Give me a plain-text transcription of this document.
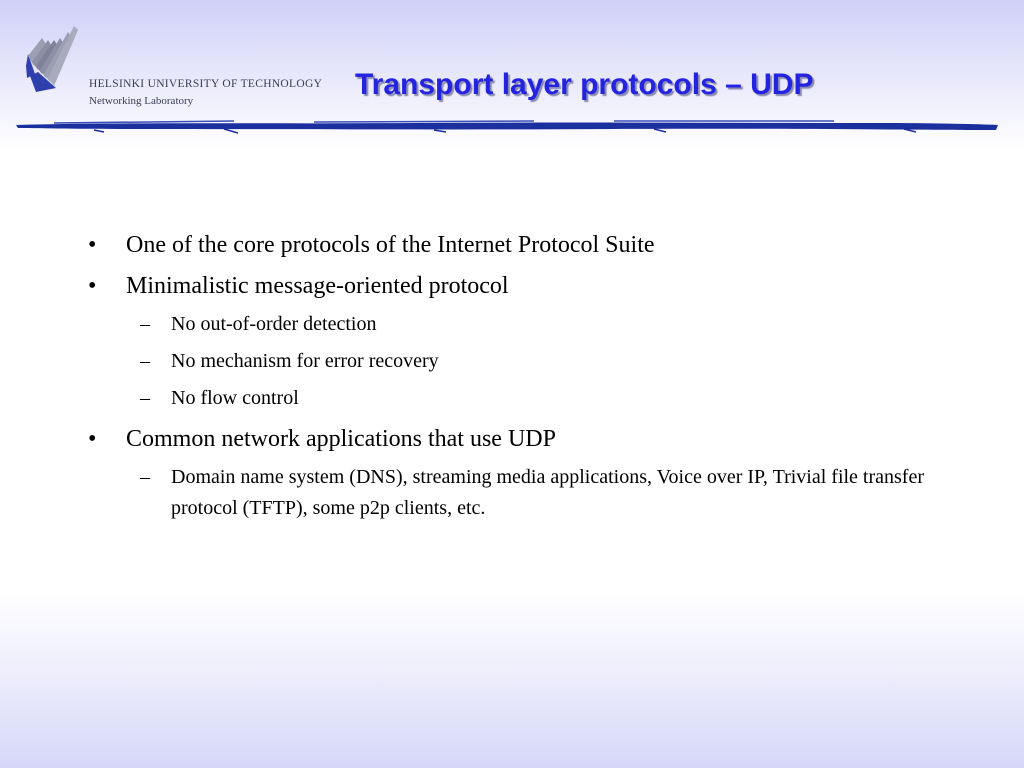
HELSINKI UNIVERSITY OF TECHNOLOGY
Networking Laboratory	Transport layer protocols – UDP
• One of the core protocols of the Internet Protocol Suite
• Minimalistic message-oriented protocol
– No out-of-order detection
– No mechanism for error recovery
– No flow control
• Common network applications that use UDP
– Domain name system (DNS), streaming media applications, Voice over IP, Trivial file transfer protocol (TFTP), some p2p clients, etc.
